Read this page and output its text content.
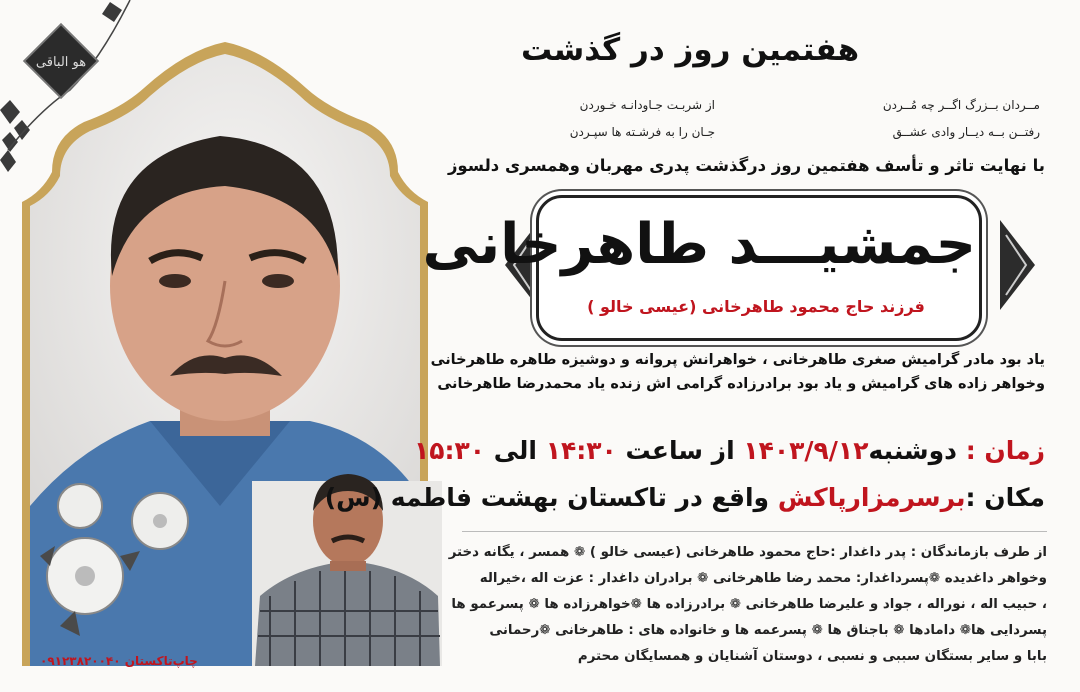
هو الباقی	هفتمین روز در گذشت
مــردان بــزرگ اگــر چه مُــردن
رفتــن بــه ديــار وادی عشــق
از شربـت جـاودانـه خـوردن
جـان را به فرشـته ها سپـردن
با نهایت تاثر و تأسف هفتمین روز درگذشت پدری مهربان وهمسری دلسوز
جمشیـــد طاهرخانی
فرزند حاج محمود طاهرخانی (عیسی خالو )
یاد بود مادر گرامیش صغری طاهرخانی ، خواهرانش پروانه و دوشیزه طاهره طاهرخانی
وخواهر زاده های گرامیش و یاد بود برادرزاده گرامی اش زنده یاد محمدرضا طاهرخانی
زمان : دوشنبه۱۴۰۳/۹/۱۲ از ساعت ۱۴:۳۰ الی ۱۵:۳۰
مکان :برسرمزارپاکش واقع در تاکستان بهشت فاطمه (س)
از طرف بازماندگان : پدر داغدار :حاج محمود طاهرخانی (عیسی خالو ) ❁ همسر ، یگانه دختر
وخواهر داغدیده ❁پسرداغدار: محمد رضا طاهرخانی ❁ برادران داغدار : عزت اله ،خیراله
، حبیب اله ، نوراله ، جواد و علیرضا طاهرخانی ❁ برادرزاده ها ❁خواهرزاده ها ❁ پسرعمو ها
پسردایی ها❁ دامادها ❁ باجناق ها ❁ پسرعمه ها و خانواده های : طاهرخانی ❁رحمانی
بابا و سایر بستگان سببی و نسبی ، دوستان آشنایان و همسایگان محترم
چاپ‌تاکستان ۰۹۱۲۳۸۲۰۰۴۰
